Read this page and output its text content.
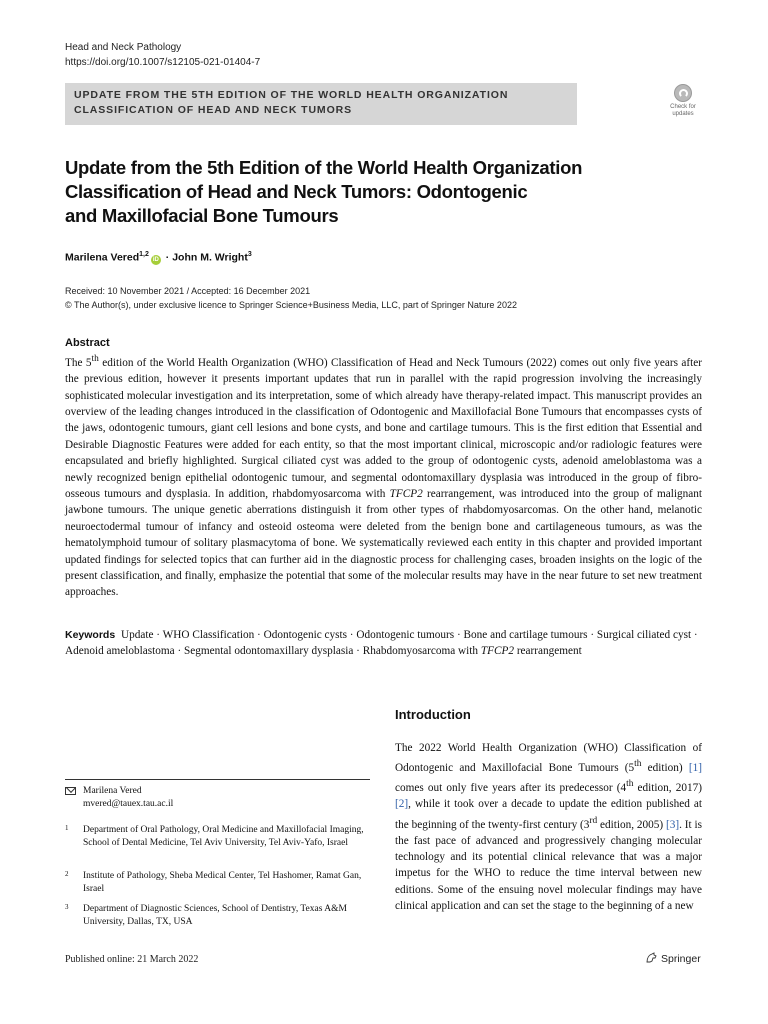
Head and Neck Pathology
https://doi.org/10.1007/s12105-021-01404-7
UPDATE FROM THE 5TH EDITION OF THE WORLD HEALTH ORGANIZATION
CLASSIFICATION OF HEAD AND NECK TUMORS	Check for
updates
Update from the 5th Edition of the World Health Organization
Classification of Head and Neck Tumors: Odontogenic
and Maxillofacial Bone Tumours
Marilena Vered$^{1,2}$iD · John M. Wright$^3$
Received: 10 November 2021 / Accepted: 16 December 2021
© The Author(s), under exclusive licence to Springer Science+Business Media, LLC, part of Springer Nature 2022
Abstract
The 5th edition of the World Health Organization (WHO) Classification of Head and Neck Tumours (2022) comes out only five years after the previous edition, however it presents important updates that run in parallel with the rapid progression involving the increasingly sophisticated molecular investigation and its interpretation, some of which already have therapy-related impact. This manuscript provides an overview of the leading changes introduced in the classification of Odontogenic and Maxillofacial Bone Tumours that encompasses cysts of the jaws, odontogenic tumours, giant cell lesions and bone cysts, and bone and cartilage tumours. This is the first edition that Essential and Desirable Diagnostic Features were added for each entity, so that the most important clinical, microscopic and/or radiologic features were encapsulated and briefly highlighted. Surgical ciliated cyst was added to the group of odontogenic cysts, adenoid ameloblastoma was a newly recognized benign epithelial odontogenic tumour, and segmental odontomaxillary dysplasia was introduced in the group of fibro-osseous tumours and dysplasia. In addition, rhabdomyosarcoma with TFCP2 rearrangement, was introduced into the group of malignant jawbone tumours. The unique genetic aberrations distinguish it from other types of rhabdomyosarcomas. On the other hand, melanotic neuroectodermal tumour of infancy and osteoid osteoma were deleted from the benign bone and cartilageneous tumours, as was the hematolymphoid tumour of solitary plasmacytoma of bone. We systematically reviewed each entity in this chapter and provided important updated findings for selected topics that can further aid in the diagnostic process for challenging cases, broaden insights on the logic of the present classification, and finally, emphasize the potential that some of the molecular results may have in the near future to set new treatment approaches.
Keywords Update · WHO Classification · Odontogenic cysts · Odontogenic tumours · Bone and cartilage tumours · Surgical ciliated cyst · Adenoid ameloblastoma · Segmental odontomaxillary dysplasia · Rhabdomyosarcoma with TFCP2 rearrangement
Introduction
The 2022 World Health Organization (WHO) Classification of Odontogenic and Maxillofacial Bone Tumours (5th edition) [1] comes out only five years after its predecessor (4th edition, 2017) [2], while it took over a decade to update the edition published at the beginning of the twenty-first century (3rd edition, 2005) [3]. It is the fast pace of advanced and progressively changing molecular technology and its potential clinical relevance that was a major impetus for the WHO to reduce the time interval between new editions. Some of the ensuing novel molecular findings may have clinical application and can set the stage to the beginning of a new
Marilena Vered
mvered@tauex.tau.ac.il
1 Department of Oral Pathology, Oral Medicine and Maxillofacial Imaging, School of Dental Medicine, Tel Aviv University, Tel Aviv-Yafo, Israel
2 Institute of Pathology, Sheba Medical Center, Tel Hashomer, Ramat Gan, Israel
3 Department of Diagnostic Sciences, School of Dentistry, Texas A&M University, Dallas, TX, USA
Published online: 21 March 2022	Springer
